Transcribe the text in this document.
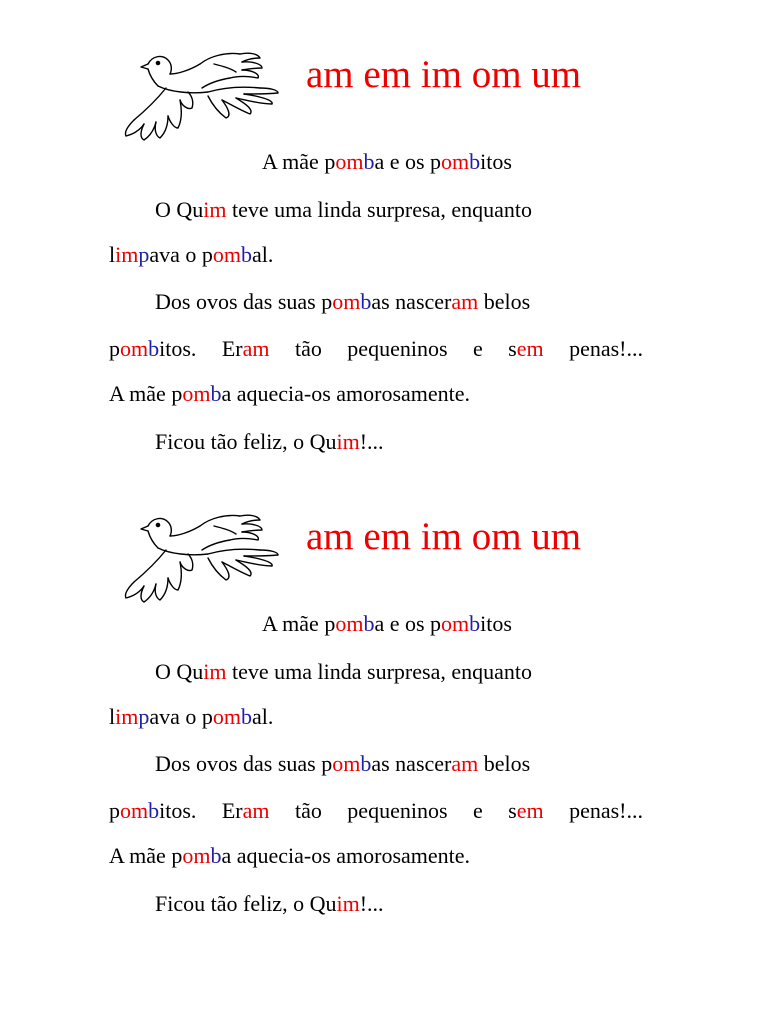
am em im om um
A mãe pomba e os pombitos
O Quim teve uma linda surpresa, enquanto
limpava o pombal.
Dos ovos das suas pombas nasceram belos
pombitos. Eram tão pequeninos e sem penas!...
A mãe pomba aquecia-os amorosamente.
Ficou tão feliz, o Quim!...
am em im om um
A mãe pomba e os pombitos
O Quim teve uma linda surpresa, enquanto
limpava o pombal.
Dos ovos das suas pombas nasceram belos
pombitos. Eram tão pequeninos e sem penas!...
A mãe pomba aquecia-os amorosamente.
Ficou tão feliz, o Quim!...
